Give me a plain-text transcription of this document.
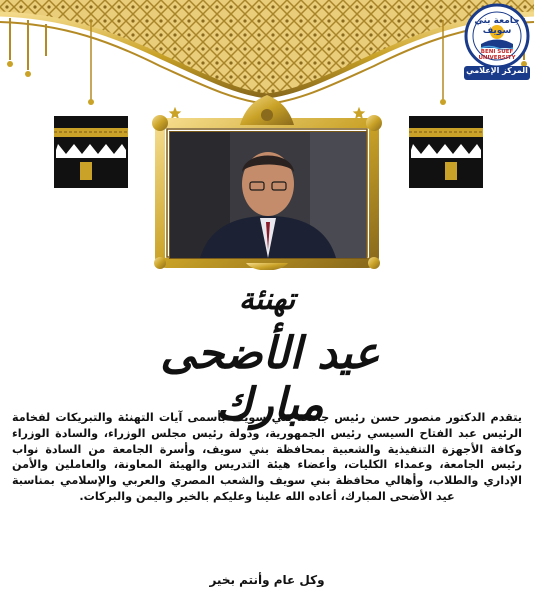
جامعة بني سويف
BENI SUEF UNIVERSITY
المركز الإعلامي
تهنئة
عيد الأضحى مبارك

يتقدم الدكتور منصور حسن رئيس جامعة بني سويف بأسمى آيات التهنئة والتبريكات لفخامة الرئيس عبد الفتاح السيسي رئيس الجمهورية، ودولة رئيس مجلس الوزراء، والسادة الوزراء وكافة الأجهزة التنفيذية والشعبية بمحافظة بني سويف، وأسرة الجامعة من السادة نواب رئيس الجامعة، وعمداء الكليات، وأعضاء هيئة التدريس والهيئة المعاونة، والعاملين والأمن الإداري والطلاب، وأهالي محافظة بني سويف والشعب المصري والعربي والإسلامي بمناسبة عيد الأضحى المبارك، أعاده الله علينا وعليكم بالخير واليمن والبركات.

وكل عام وأنتم بخير
